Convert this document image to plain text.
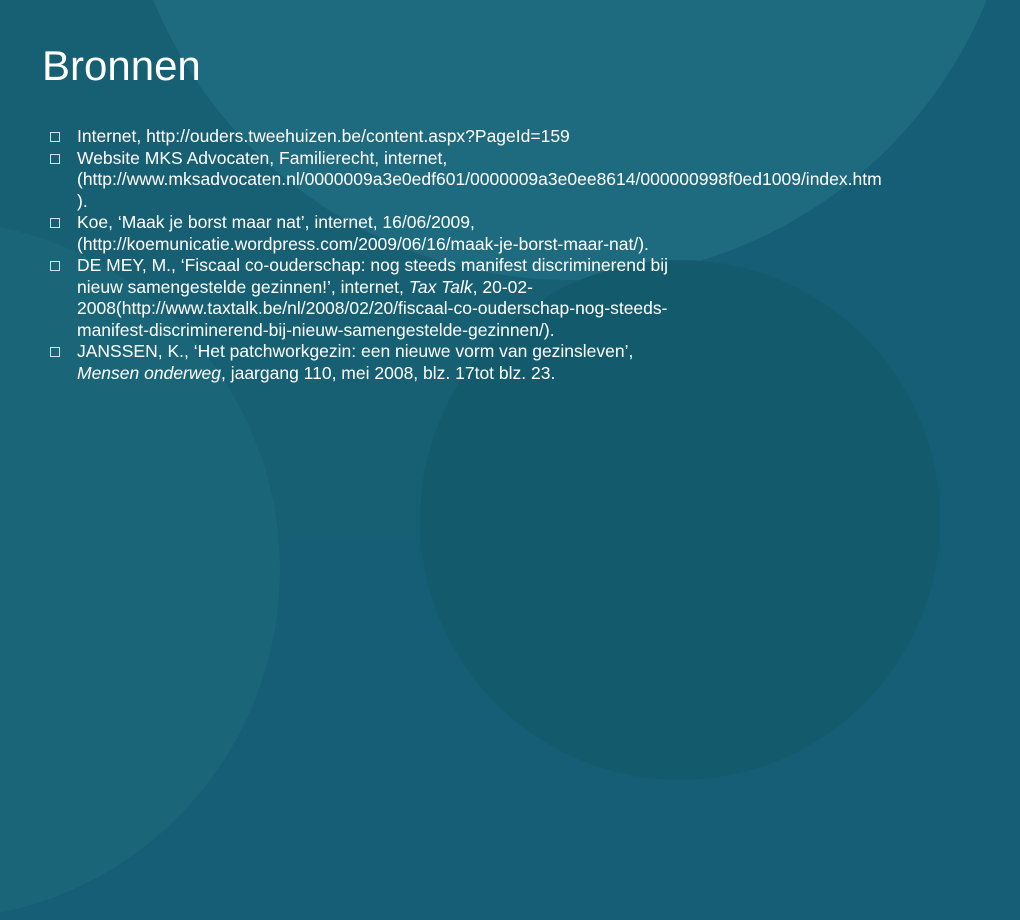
Bronnen
Internet, http://ouders.tweehuizen.be/content.aspx?PageId=159
Website MKS Advocaten, Familierecht, internet, (http://www.mksadvocaten.nl/0000009a3e0edf601/0000009a3e0ee8614/000000998f0ed1009/index.htm ).
Koe, ‘Maak je borst maar nat’, internet, 16/06/2009, (http://koemunicatie.wordpress.com/2009/06/16/maak-je-borst-maar-nat/).
DE MEY, M., ‘Fiscaal co-ouderschap: nog steeds manifest discriminerend bij nieuw samengestelde gezinnen!’, internet, Tax Talk, 20-02-2008(http://www.taxtalk.be/nl/2008/02/20/fiscaal-co-ouderschap-nog-steeds-manifest-discriminerend-bij-nieuw-samengestelde-gezinnen/).
JANSSEN, K., ‘Het patchworkgezin: een nieuwe vorm van gezinsleven’, Mensen onderweg, jaargang 110, mei 2008, blz. 17tot blz. 23.
